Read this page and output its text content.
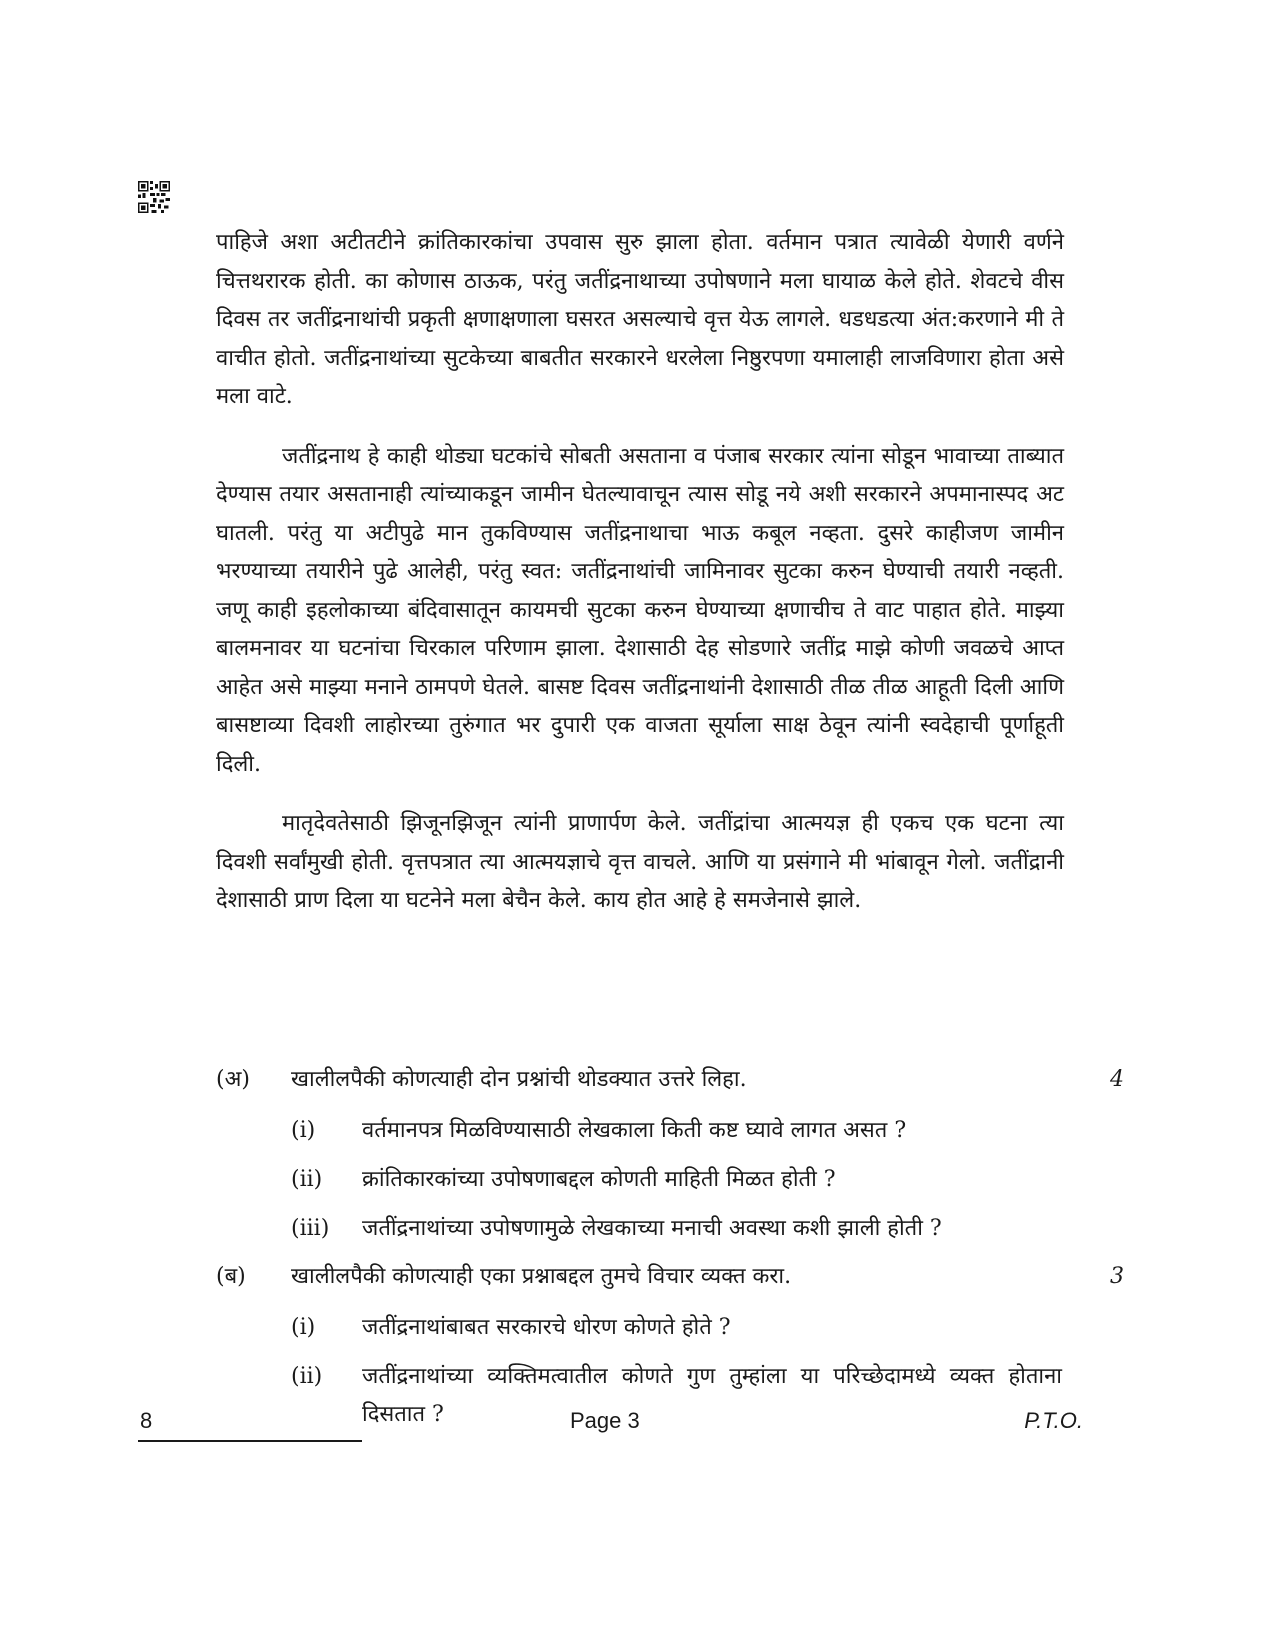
पाहिजे अशा अटीतटीने क्रांतिकारकांचा उपवास सुरु झाला होता. वर्तमान पत्रात त्यावेळी येणारी वर्णने चित्तथरारक होती. का कोणास ठाऊक, परंतु जतींद्रनाथाच्या उपोषणाने मला घायाळ केले होते. शेवटचे वीस दिवस तर जतींद्रनाथांची प्रकृती क्षणाक्षणाला घसरत असल्याचे वृत्त येऊ लागले. धडधडत्या अंत:करणाने मी ते वाचीत होतो. जतींद्रनाथांच्या सुटकेच्या बाबतीत सरकारने धरलेला निष्ठुरपणा यमालाही लाजविणारा होता असे मला वाटे.

जतींद्रनाथ हे काही थोड्या घटकांचे सोबती असताना व पंजाब सरकार त्यांना सोडून भावाच्या ताब्यात देण्यास तयार असतानाही त्यांच्याकडून जामीन घेतल्यावाचून त्यास सोडू नये अशी सरकारने अपमानास्पद अट घातली. परंतु या अटीपुढे मान तुकविण्यास जतींद्रनाथाचा भाऊ कबूल नव्हता. दुसरे काहीजण जामीन भरण्याच्या तयारीने पुढे आलेही, परंतु स्वत: जतींद्रनाथांची जामिनावर सुटका करुन घेण्याची तयारी नव्हती. जणू काही इहलोकाच्या बंदिवासातून कायमची सुटका करुन घेण्याच्या क्षणाचीच ते वाट पाहात होते. माझ्या बालमनावर या घटनांचा चिरकाल परिणाम झाला. देशासाठी देह सोडणारे जतींद्र माझे कोणी जवळचे आप्त आहेत असे माझ्या मनाने ठामपणे घेतले. बासष्ट दिवस जतींद्रनाथांनी देशासाठी तीळ तीळ आहूती दिली आणि बासष्टाव्या दिवशी लाहोरच्या तुरुंगात भर दुपारी एक वाजता सूर्याला साक्ष ठेवून त्यांनी स्वदेहाची पूर्णाहूती दिली.

मातृदेवतेसाठी झिजूनझिजून त्यांनी प्राणार्पण केले. जतींद्रांचा आत्मयज्ञ ही एकच एक घटना त्या दिवशी सर्वांमुखी होती. वृत्तपत्रात त्या आत्मयज्ञाचे वृत्त वाचले. आणि या प्रसंगाने मी भांबावून गेलो. जतींद्रानी देशासाठी प्राण दिला या घटनेने मला बेचैन केले. काय होत आहे हे समजेनासे झाले.

(अ) खालीलपैकी कोणत्याही दोन प्रश्नांची थोडक्यात उत्तरे लिहा.	4
(i) वर्तमानपत्र मिळविण्यासाठी लेखकाला किती कष्ट घ्यावे लागत असत ?
(ii) क्रांतिकारकांच्या उपोषणाबद्दल कोणती माहिती मिळत होती ?
(iii) जतींद्रनाथांच्या उपोषणामुळे लेखकाच्या मनाची अवस्था कशी झाली होती ?
(ब) खालीलपैकी कोणत्याही एका प्रश्नाबद्दल तुमचे विचार व्यक्त करा.	3
(i) जतींद्रनाथांबाबत सरकारचे धोरण कोणते होते ?
(ii) जतींद्रनाथांच्या व्यक्तिमत्वातील कोणते गुण तुम्हांला या परिच्छेदामध्ये व्यक्त होताना दिसतात ?
8	Page 3	P.T.O.
